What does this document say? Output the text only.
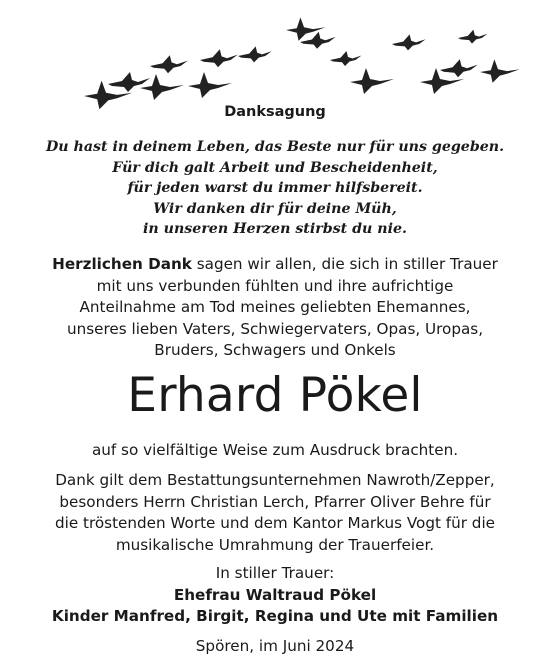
Danksagung
Du hast in deinem Leben, das Beste nur für uns gegeben.
Für dich galt Arbeit und Bescheidenheit,
für jeden warst du immer hilfsbereit.
Wir danken dir für deine Müh,
in unseren Herzen stirbst du nie.
Herzlichen Dank sagen wir allen, die sich in stiller Trauer
mit uns verbunden fühlten und ihre aufrichtige
Anteilnahme am Tod meines geliebten Ehemannes,
unseres lieben Vaters, Schwiegervaters, Opas, Uropas,
Bruders, Schwagers und Onkels
Erhard Pökel
auf so vielfältige Weise zum Ausdruck brachten.
Dank gilt dem Bestattungsunternehmen Nawroth/Zepper,
besonders Herrn Christian Lerch, Pfarrer Oliver Behre für
die tröstenden Worte und dem Kantor Markus Vogt für die
musikalische Umrahmung der Trauerfeier.
In stiller Trauer:
Ehefrau Waltraud Pökel
Kinder Manfred, Birgit, Regina und Ute mit Familien
Spören, im Juni 2024
